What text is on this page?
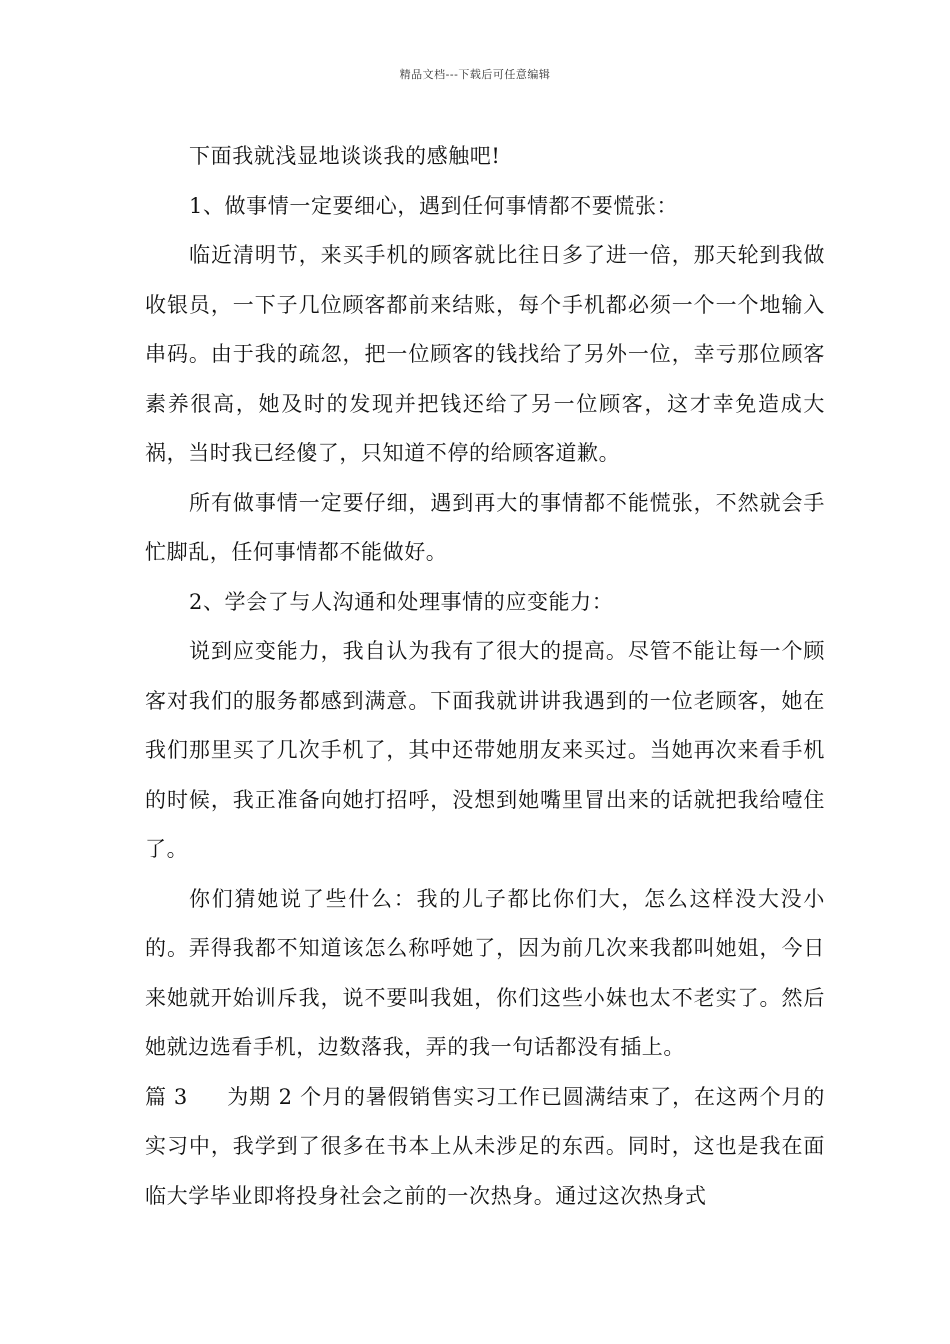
精品文档---下载后可任意编辑

下面我就浅显地谈谈我的感触吧!

1、做事情一定要细心，遇到任何事情都不要慌张：

临近清明节，来买手机的顾客就比往日多了进一倍，那天轮到我做收银员，一下子几位顾客都前来结账，每个手机都必须一个一个地输入串码。由于我的疏忽，把一位顾客的钱找给了另外一位，幸亏那位顾客素养很高，她及时的发现并把钱还给了另一位顾客，这才幸免造成大祸，当时我已经傻了，只知道不停的给顾客道歉。

所有做事情一定要仔细，遇到再大的事情都不能慌张，不然就会手忙脚乱，任何事情都不能做好。

2、学会了与人沟通和处理事情的应变能力：

说到应变能力，我自认为我有了很大的提高。尽管不能让每一个顾客对我们的服务都感到满意。下面我就讲讲我遇到的一位老顾客，她在我们那里买了几次手机了，其中还带她朋友来买过。当她再次来看手机的时候，我正准备向她打招呼，没想到她嘴里冒出来的话就把我给噎住了。

你们猜她说了些什么：我的儿子都比你们大，怎么这样没大没小的。弄得我都不知道该怎么称呼她了，因为前几次来我都叫她姐，今日来她就开始训斥我，说不要叫我姐，你们这些小妹也太不老实了。然后她就边选看手机，边数落我，弄的我一句话都没有插上。

篇 3 为期 2 个月的暑假销售实习工作已圆满结束了，在这两个月的实习中，我学到了很多在书本上从未涉足的东西。同时，这也是我在面临大学毕业即将投身社会之前的一次热身。通过这次热身式
